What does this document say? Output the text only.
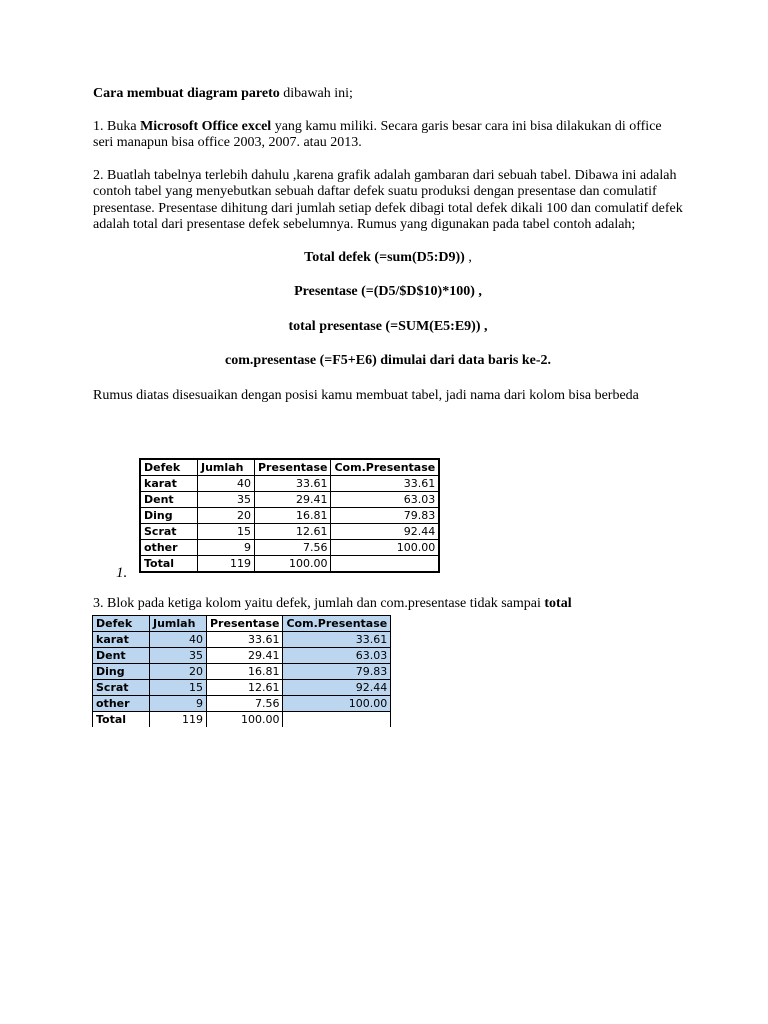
Cara membuat diagram pareto dibawah ini;

1. Buka Microsoft Office excel yang kamu miliki. Secara garis besar cara ini bisa dilakukan di office seri manapun bisa office 2003, 2007. atau 2013.

2. Buatlah tabelnya terlebih dahulu ,karena grafik adalah gambaran dari sebuah tabel. Dibawa ini adalah contoh tabel yang menyebutkan sebuah daftar defek suatu produksi dengan presentase dan comulatif presentase. Presentase dihitung dari jumlah setiap defek dibagi total defek dikali 100 dan comulatif defek adalah total dari presentase defek sebelumnya. Rumus yang digunakan pada tabel contoh adalah;

Total defek (=sum(D5:D9)) ,

Presentase (=(D5/$D$10)*100) ,

total presentase (=SUM(E5:E9)) ,

com.presentase (=F5+E6) dimulai dari data baris ke-2.

Rumus diatas disesuaikan dengan posisi kamu membuat tabel, jadi nama dari kolom bisa berbeda

Defek	Jumlah	Presentase	Com.Presentase
karat	40	33.61	33.61
Dent	35	29.41	63.03
Ding	20	16.81	79.83
Scrat	15	12.61	92.44
other	9	7.56	100.00
Total	119	100.00	
1.

3. Blok pada ketiga kolom yaitu defek, jumlah dan com.presentase tidak sampai total

Defek	Jumlah	Presentase	Com.Presentase
karat	40	33.61	33.61
Dent	35	29.41	63.03
Ding	20	16.81	79.83
Scrat	15	12.61	92.44
other	9	7.56	100.00
Total	119	100.00	
